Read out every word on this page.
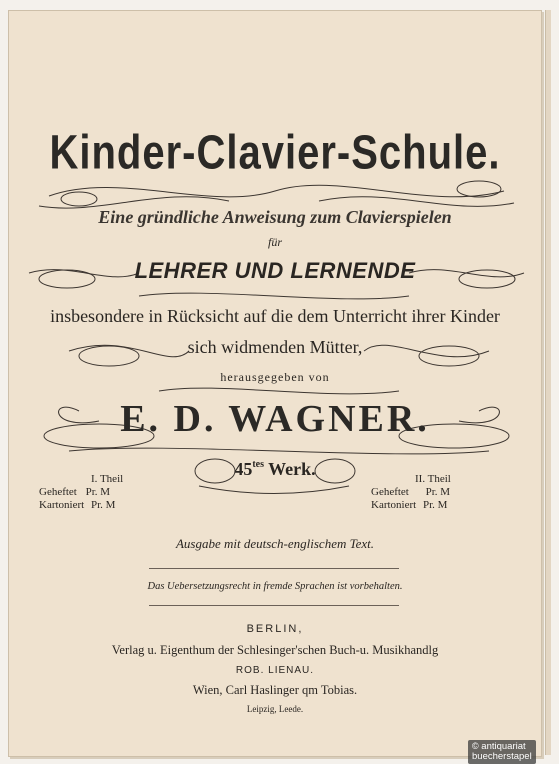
Kinder-Clavier-Schule.
Eine gründliche Anweisung zum Clavierspielen
für
LEHRER UND LERNENDE
insbesondere in Rücksicht auf die dem Unterricht ihrer Kinder
sich widmenden Mütter,
herausgegeben von
E. D. WAGNER.
$45^{tes}$ Werk.
I. Theil
Geheftet Pr. M
Kartoniert Pr. M
II. Theil
Geheftet Pr. M
Kartoniert Pr. M
Ausgabe mit deutsch-englischem Text.
Das Uebersetzungsrecht in fremde Sprachen ist vorbehalten.
BERLIN,
Verlag u. Eigenthum der Schlesinger'schen Buch-u. Musikhandlg
ROB. LIENAU.
Wien, Carl Haslinger qm Tobias.
Leipzig, Leede.
© antiquariat
buecherstapel
